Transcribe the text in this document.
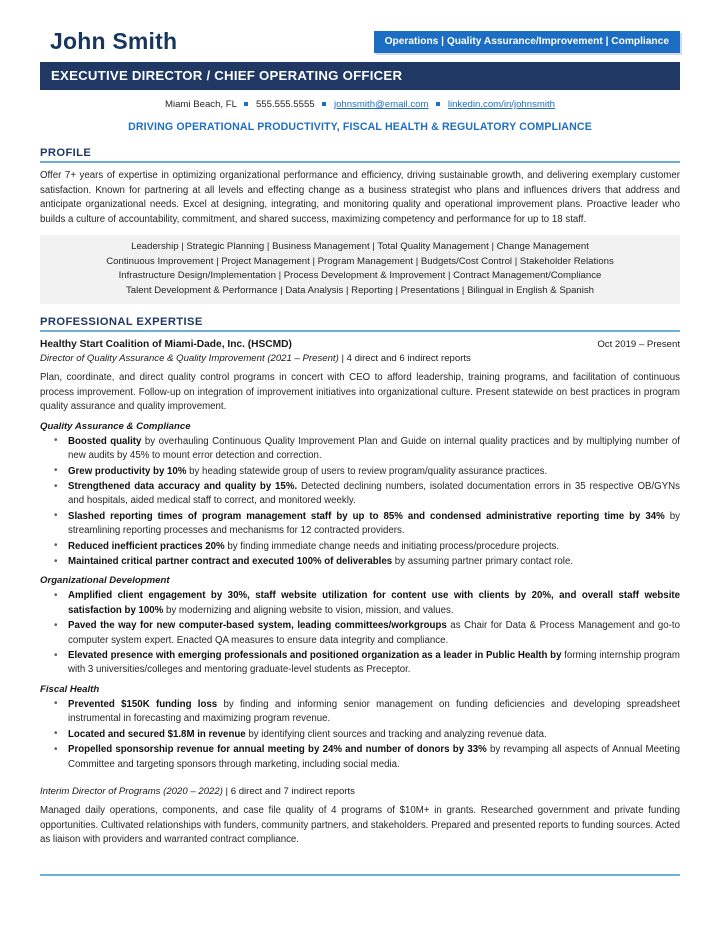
John Smith	Operations | Quality Assurance/Improvement | Compliance
EXECUTIVE DIRECTOR / CHIEF OPERATING OFFICER
Miami Beach, FL 555.555.5555 johnsmith@email.com linkedin.com/in/johnsmith
DRIVING OPERATIONAL PRODUCTIVITY, FISCAL HEALTH & REGULATORY COMPLIANCE
PROFILE
Offer 7+ years of expertise in optimizing organizational performance and efficiency, driving sustainable growth, and delivering exemplary customer satisfaction. Known for partnering at all levels and effecting change as a business strategist who plans and influences drivers that address and anticipate organizational needs. Excel at designing, integrating, and monitoring quality and operational improvement plans. Proactive leader who builds a culture of accountability, commitment, and shared success, maximizing competency and performance for up to 18 staff.
Leadership | Strategic Planning | Business Management | Total Quality Management | Change Management
Continuous Improvement | Project Management | Program Management | Budgets/Cost Control | Stakeholder Relations
Infrastructure Design/Implementation | Process Development & Improvement | Contract Management/Compliance
Talent Development & Performance | Data Analysis | Reporting | Presentations | Bilingual in English & Spanish
PROFESSIONAL EXPERTISE
Healthy Start Coalition of Miami-Dade, Inc. (HSCMD)	Oct 2019 – Present
Director of Quality Assurance & Quality Improvement (2021 – Present) | 4 direct and 6 indirect reports
Plan, coordinate, and direct quality control programs in concert with CEO to afford leadership, training programs, and facilitation of continuous process improvement. Follow-up on integration of improvement initiatives into organizational culture. Present statewide on best practices in program quality assurance and quality improvement.
Quality Assurance & Compliance
• Boosted quality by overhauling Continuous Quality Improvement Plan and Guide on internal quality practices and by multiplying number of new audits by 45% to mount error detection and correction.
• Grew productivity by 10% by heading statewide group of users to review program/quality assurance practices.
• Strengthened data accuracy and quality by 15%. Detected declining numbers, isolated documentation errors in 35 respective OB/GYNs and hospitals, aided medical staff to correct, and monitored weekly.
• Slashed reporting times of program management staff by up to 85% and condensed administrative reporting time by 34% by streamlining reporting processes and mechanisms for 12 contracted providers.
• Reduced inefficient practices 20% by finding immediate change needs and initiating process/procedure projects.
• Maintained critical partner contract and executed 100% of deliverables by assuming partner primary contact role.
Organizational Development
• Amplified client engagement by 30%, staff website utilization for content use with clients by 20%, and overall staff website satisfaction by 100% by modernizing and aligning website to vision, mission, and values.
• Paved the way for new computer-based system, leading committees/workgroups as Chair for Data & Process Management and go-to computer system expert. Enacted QA measures to ensure data integrity and compliance.
• Elevated presence with emerging professionals and positioned organization as a leader in Public Health by forming internship program with 3 universities/colleges and mentoring graduate-level students as Preceptor.
Fiscal Health
• Prevented $150K funding loss by finding and informing senior management on funding deficiencies and developing spreadsheet instrumental in forecasting and maximizing program revenue.
• Located and secured $1.8M in revenue by identifying client sources and tracking and analyzing revenue data.
• Propelled sponsorship revenue for annual meeting by 24% and number of donors by 33% by revamping all aspects of Annual Meeting Committee and targeting sponsors through marketing, including social media.
Interim Director of Programs (2020 – 2022) | 6 direct and 7 indirect reports
Managed daily operations, components, and case file quality of 4 programs of $10M+ in grants. Researched government and private funding opportunities. Cultivated relationships with funders, community partners, and stakeholders. Prepared and presented reports to funding sources. Acted as liaison with providers and warranted contract compliance.
